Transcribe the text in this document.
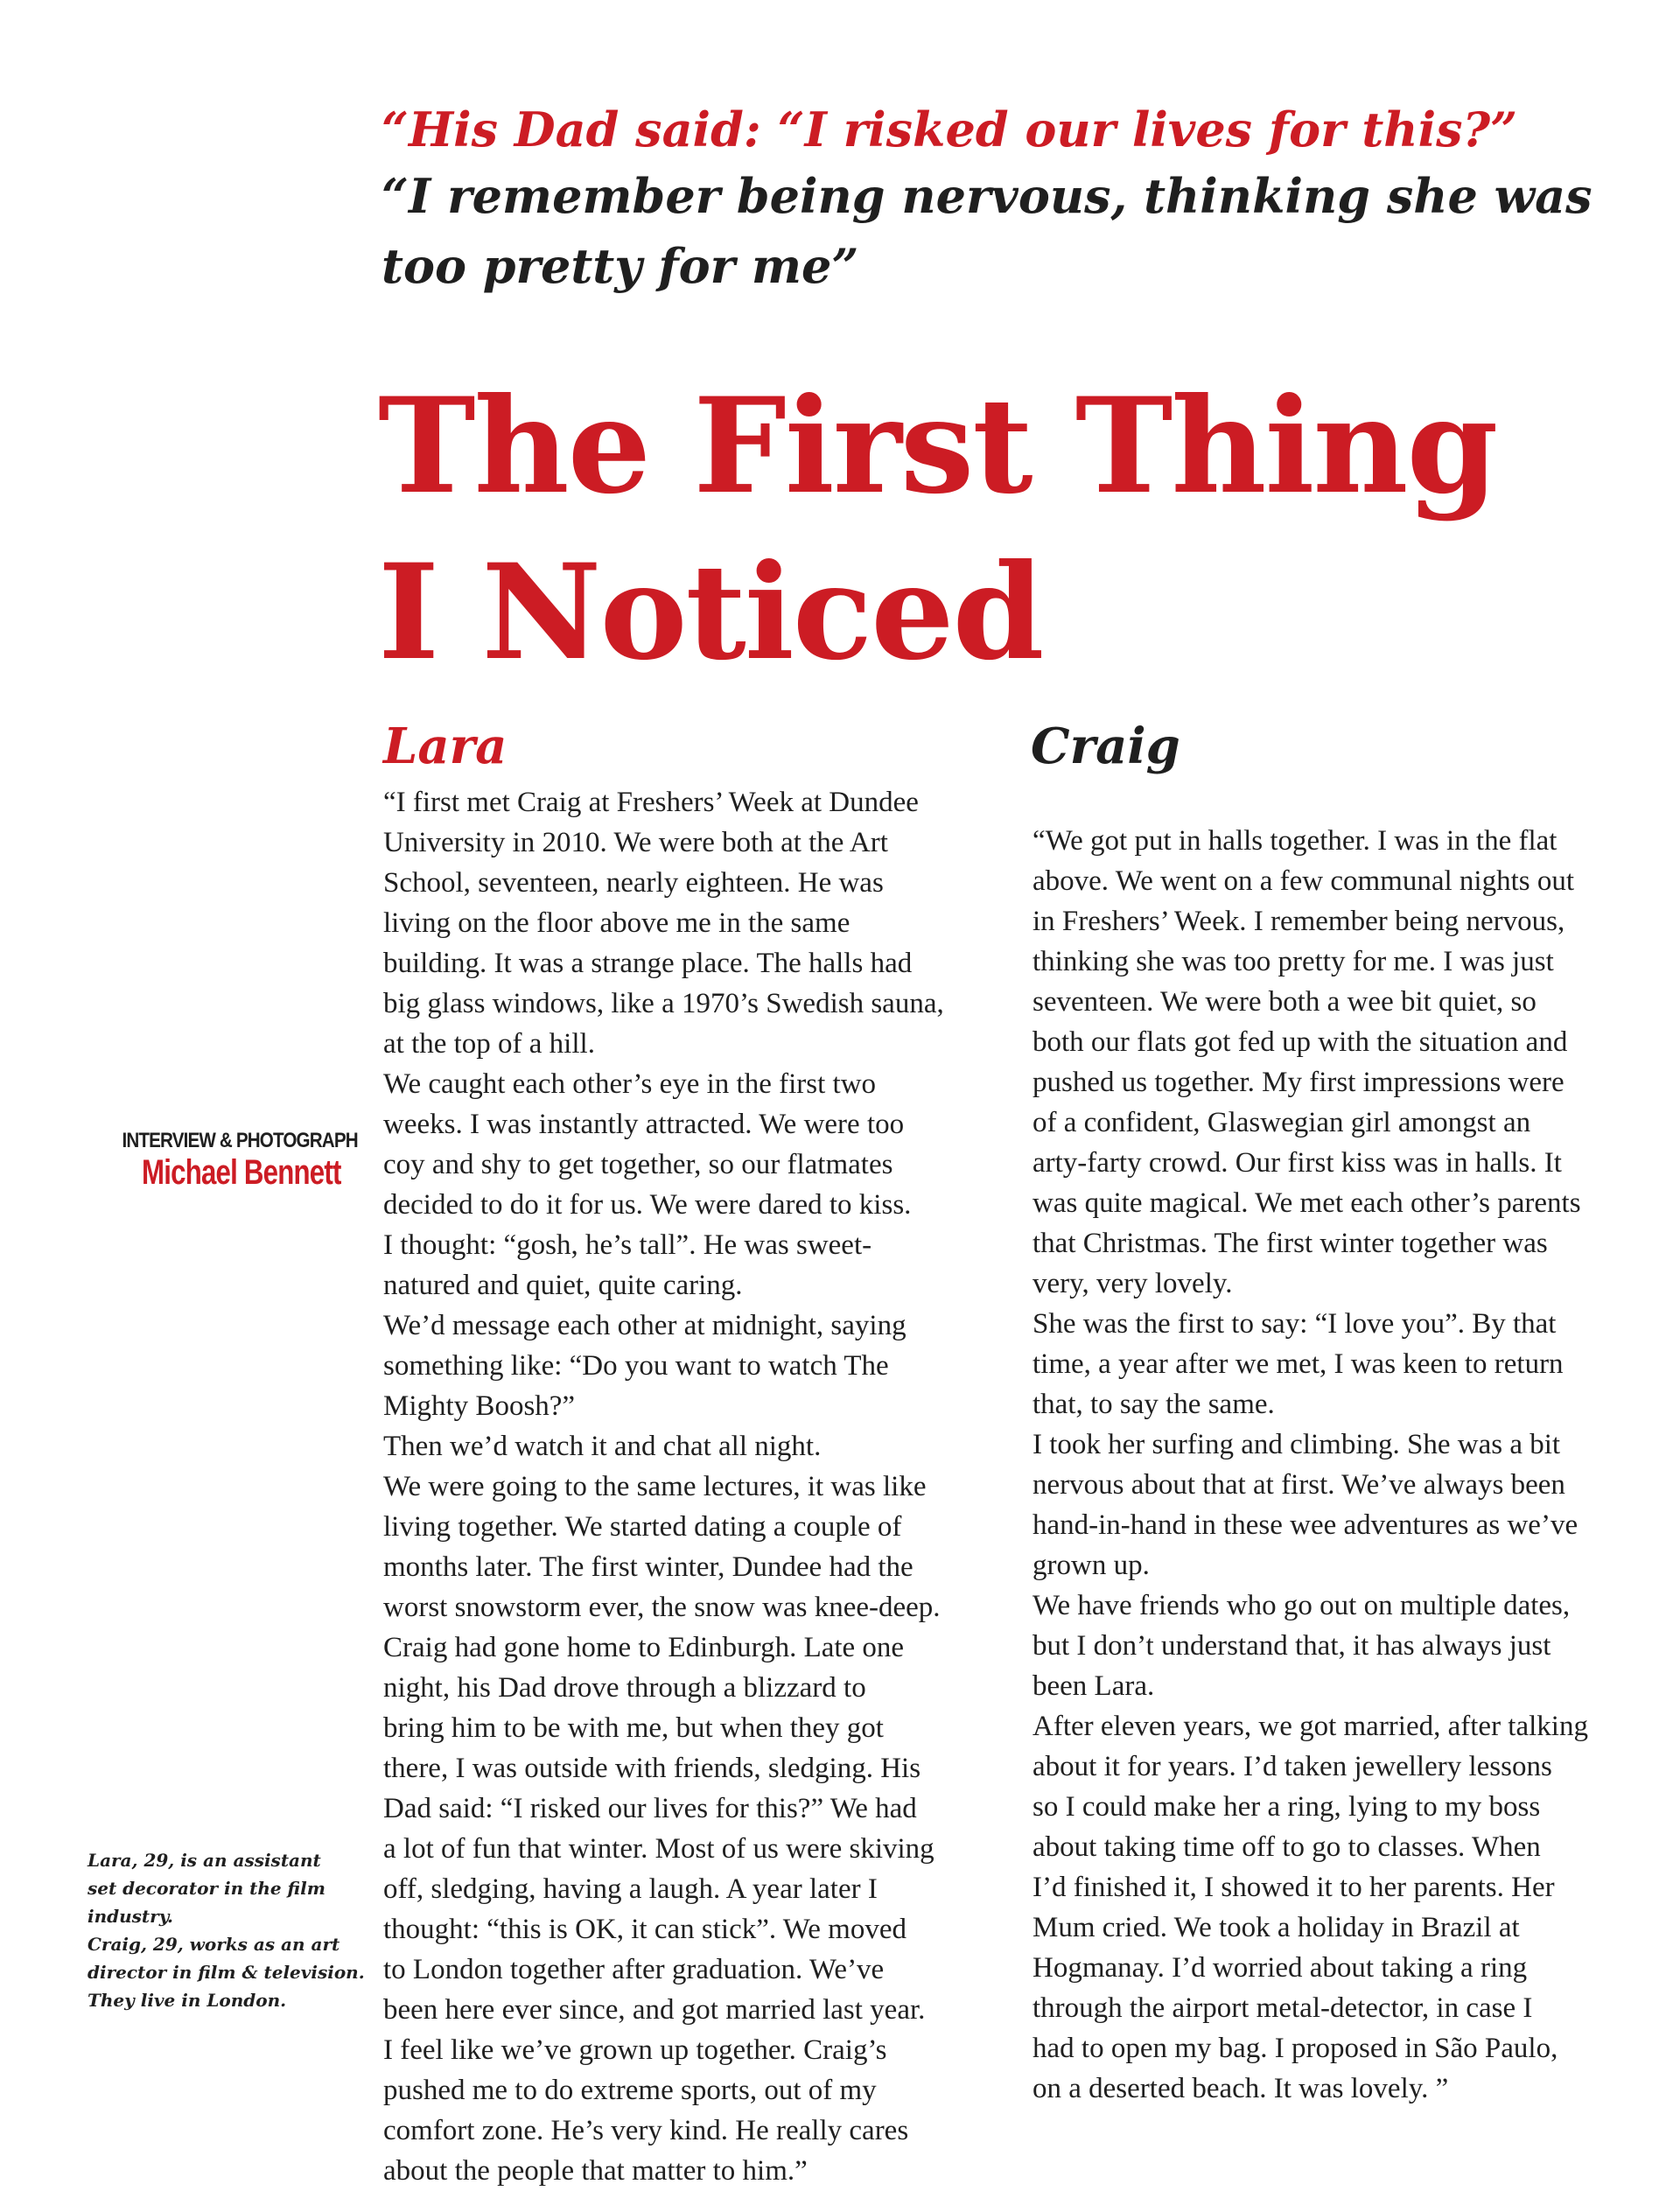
“His Dad said: “I risked our lives for this?”
“I remember being nervous, thinking she was
too pretty for me”
The First Thing
I Noticed
INTERVIEW & PHOTOGRAPH
Michael Bennett
Lara, 29, is an assistant
set decorator in the film
industry.
Craig, 29, works as an art
director in film & television.
They live in London.
Lara
“I first met Craig at Freshers’ Week at Dundee
University in 2010. We were both at the Art
School, seventeen, nearly eighteen. He was
living on the floor above me in the same
building. It was a strange place. The halls had
big glass windows, like a 1970’s Swedish sauna,
at the top of a hill.
We caught each other’s eye in the first two
weeks. I was instantly attracted. We were too
coy and shy to get together, so our flatmates
decided to do it for us. We were dared to kiss.
I thought: “gosh, he’s tall”. He was sweet-
natured and quiet, quite caring.
We’d message each other at midnight, saying
something like: “Do you want to watch The
Mighty Boosh?”
Then we’d watch it and chat all night.
We were going to the same lectures, it was like
living together. We started dating a couple of
months later. The first winter, Dundee had the
worst snowstorm ever, the snow was knee-deep.
Craig had gone home to Edinburgh. Late one
night, his Dad drove through a blizzard to
bring him to be with me, but when they got
there, I was outside with friends, sledging. His
Dad said: “I risked our lives for this?” We had
a lot of fun that winter. Most of us were skiving
off, sledging, having a laugh. A year later I
thought: “this is OK, it can stick”. We moved
to London together after graduation. We’ve
been here ever since, and got married last year.
I feel like we’ve grown up together. Craig’s
pushed me to do extreme sports, out of my
comfort zone. He’s very kind. He really cares
about the people that matter to him.”
Craig
“We got put in halls together. I was in the flat
above. We went on a few communal nights out
in Freshers’ Week. I remember being nervous,
thinking she was too pretty for me. I was just
seventeen. We were both a wee bit quiet, so
both our flats got fed up with the situation and
pushed us together. My first impressions were
of a confident, Glaswegian girl amongst an
arty-farty crowd. Our first kiss was in halls. It
was quite magical. We met each other’s parents
that Christmas. The first winter together was
very, very lovely.
She was the first to say: “I love you”. By that
time, a year after we met, I was keen to return
that, to say the same.
I took her surfing and climbing. She was a bit
nervous about that at first. We’ve always been
hand-in-hand in these wee adventures as we’ve
grown up.
We have friends who go out on multiple dates,
but I don’t understand that, it has always just
been Lara.
After eleven years, we got married, after talking
about it for years. I’d taken jewellery lessons
so I could make her a ring, lying to my boss
about taking time off to go to classes. When
I’d finished it, I showed it to her parents. Her
Mum cried. We took a holiday in Brazil at
Hogmanay. I’d worried about taking a ring
through the airport metal-detector, in case I
had to open my bag. I proposed in São Paulo,
on a deserted beach. It was lovely. ”
